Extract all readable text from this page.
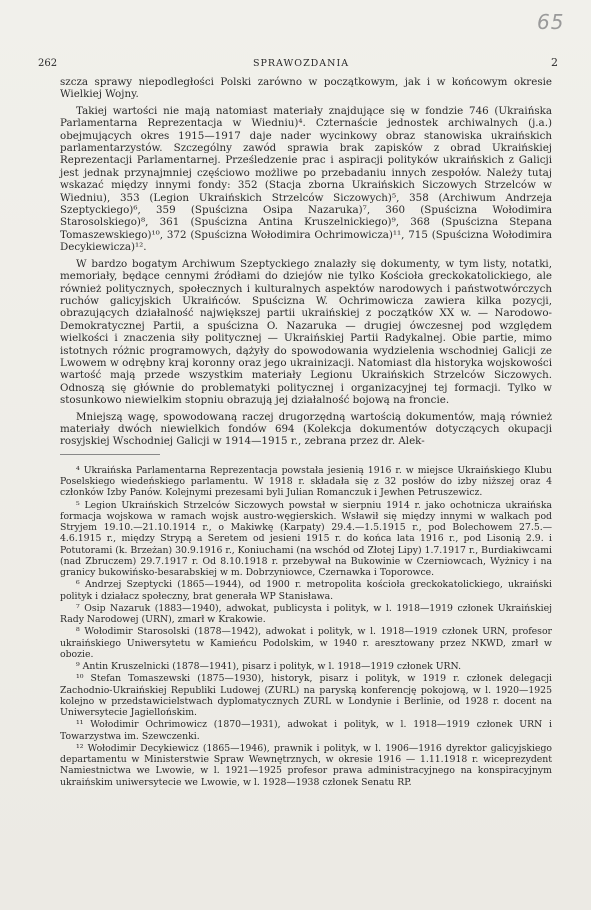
65
262	SPRAWOZDANIA	2

szcza sprawy niepodległości Polski zarówno w początkowym, jak i w końcowym okresie Wielkiej Wojny.

Takiej wartości nie mają natomiast materiały znajdujące się w fondzie 746 (Ukraińska Parlamentarna Reprezentacja w Wiedniu)⁴. Czternaście jednostek archiwalnych (j.a.) obejmujących okres 1915—1917 daje nader wycinkowy obraz stanowiska ukraińskich parlamentarzystów. Szczególny zawód sprawia brak zapisków z obrad Ukraińskiej Reprezentacji Parlamentarnej. Prześledzenie prac i aspiracji polityków ukraińskich z Galicji jest jednak przynajmniej częściowo możliwe po przebadaniu innych zespołów. Należy tutaj wskazać między innymi fondy: 352 (Stacja zborna Ukraińskich Siczowych Strzelców w Wiedniu), 353 (Legion Ukraińskich Strzelców Siczowych)⁵, 358 (Archiwum Andrzeja Szeptyckiego)⁶, 359 (Spuścizna Osipa Nazaruka)⁷, 360 (Spuścizna Wołodimira Starosolskiego)⁸, 361 (Spuścizna Antina Kruszelnickiego)⁹, 368 (Spuścizna Stepana Tomaszewskiego)¹⁰, 372 (Spuścizna Wołodimira Ochrimowicza)¹¹, 715 (Spuścizna Wołodimira Decykiewicza)¹².

W bardzo bogatym Archiwum Szeptyckiego znalazły się dokumenty, w tym listy, notatki, memoriały, będące cennymi źródłami do dziejów nie tylko Kościoła greckokatolickiego, ale również politycznych, społecznych i kulturalnych aspektów narodowych i państwotwórczych ruchów galicyjskich Ukraińców. Spuścizna W. Ochrimowicza zawiera kilka pozycji, obrazujących działalność największej partii ukraińskiej z początków XX w. — Narodowo-Demokratycznej Partii, a spuścizna O. Nazaruka — drugiej ówczesnej pod względem wielkości i znaczenia siły politycznej — Ukraińskiej Partii Radykalnej. Obie partie, mimo istotnych różnic programowych, dążyły do spowodowania wydzielenia wschodniej Galicji ze Lwowem w odrębny kraj koronny oraz jego ukrainizacji. Natomiast dla historyka wojskowości wartość mają przede wszystkim materiały Legionu Ukraińskich Strzelców Siczowych. Odnoszą się głównie do problematyki politycznej i organizacyjnej tej formacji. Tylko w stosunkowo niewielkim stopniu obrazują jej działalność bojową na froncie.

Mniejszą wagę, spowodowaną raczej drugorzędną wartością dokumentów, mają również materiały dwóch niewielkich fondów 694 (Kolekcja dokumentów dotyczących okupacji rosyjskiej Wschodniej Galicji w 1914—1915 r., zebrana przez dr. Alek-

⁴ Ukraińska Parlamentarna Reprezentacja powstała jesienią 1916 r. w miejsce Ukraińskiego Klubu Poselskiego wiedeńskiego parlamentu. W 1918 r. składała się z 32 posłów do izby niższej oraz 4 członków Izby Panów. Kolejnymi prezesami byli Julian Romanczuk i Jewhen Petruszewicz.

⁵ Legion Ukraińskich Strzelców Siczowych powstał w sierpniu 1914 r. jako ochotnicza ukraińska formacja wojskowa w ramach wojsk austro-węgierskich. Wsławił się między innymi w walkach pod Stryjem 19.10.—21.10.1914 r., o Makiwkę (Karpaty) 29.4.—1.5.1915 r., pod Bolechowem 27.5.—4.6.1915 r., między Strypą a Seretem od jesieni 1915 r. do końca lata 1916 r., pod Lisonią 2.9. i Potutorami (k. Brzeżan) 30.9.1916 r., Koniuchami (na wschód od Złotej Lipy) 1.7.1917 r., Burdiakiwcami (nad Zbruczem) 29.7.1917 r. Od 8.10.1918 r. przebywał na Bukowinie w Czerniowcach, Wyżnicy i na granicy bukowińsko-besarabskiej w m. Dobrzyniowce, Czernawka i Toporowce.

⁶ Andrzej Szeptycki (1865—1944), od 1900 r. metropolita kościoła greckokatolickiego, ukraiński polityk i działacz społeczny, brat generała WP Stanisława.

⁷ Osip Nazaruk (1883—1940), adwokat, publicysta i polityk, w l. 1918—1919 członek Ukraińskiej Rady Narodowej (URN), zmarł w Krakowie.

⁸ Wołodimir Starosolski (1878—1942), adwokat i polityk, w l. 1918—1919 członek URN, profesor ukraińskiego Uniwersytetu w Kamieńcu Podolskim, w 1940 r. aresztowany przez NKWD, zmarł w obozie.

⁹ Antin Kruszelnicki (1878—1941), pisarz i polityk, w l. 1918—1919 członek URN.

¹⁰ Stefan Tomaszewski (1875—1930), historyk, pisarz i polityk, w 1919 r. członek delegacji Zachodnio-Ukraińskiej Republiki Ludowej (ZURL) na paryską konferencję pokojową, w l. 1920—1925 kolejno w przedstawicielstwach dyplomatycznych ZURL w Londynie i Berlinie, od 1928 r. docent na Uniwersytecie Jagiellońskim.

¹¹ Wołodimir Ochrimowicz (1870—1931), adwokat i polityk, w l. 1918—1919 członek URN i Towarzystwa im. Szewczenki.

¹² Wołodimir Decykiewicz (1865—1946), prawnik i polityk, w l. 1906—1916 dyrektor galicyjskiego departamentu w Ministerstwie Spraw Wewnętrznych, w okresie 1916 — 1.11.1918 r. wiceprezydent Namiestnictwa we Lwowie, w l. 1921—1925 profesor prawa administracyjnego na konspiracyjnym ukraińskim uniwersytecie we Lwowie, w l. 1928—1938 członek Senatu RP.
